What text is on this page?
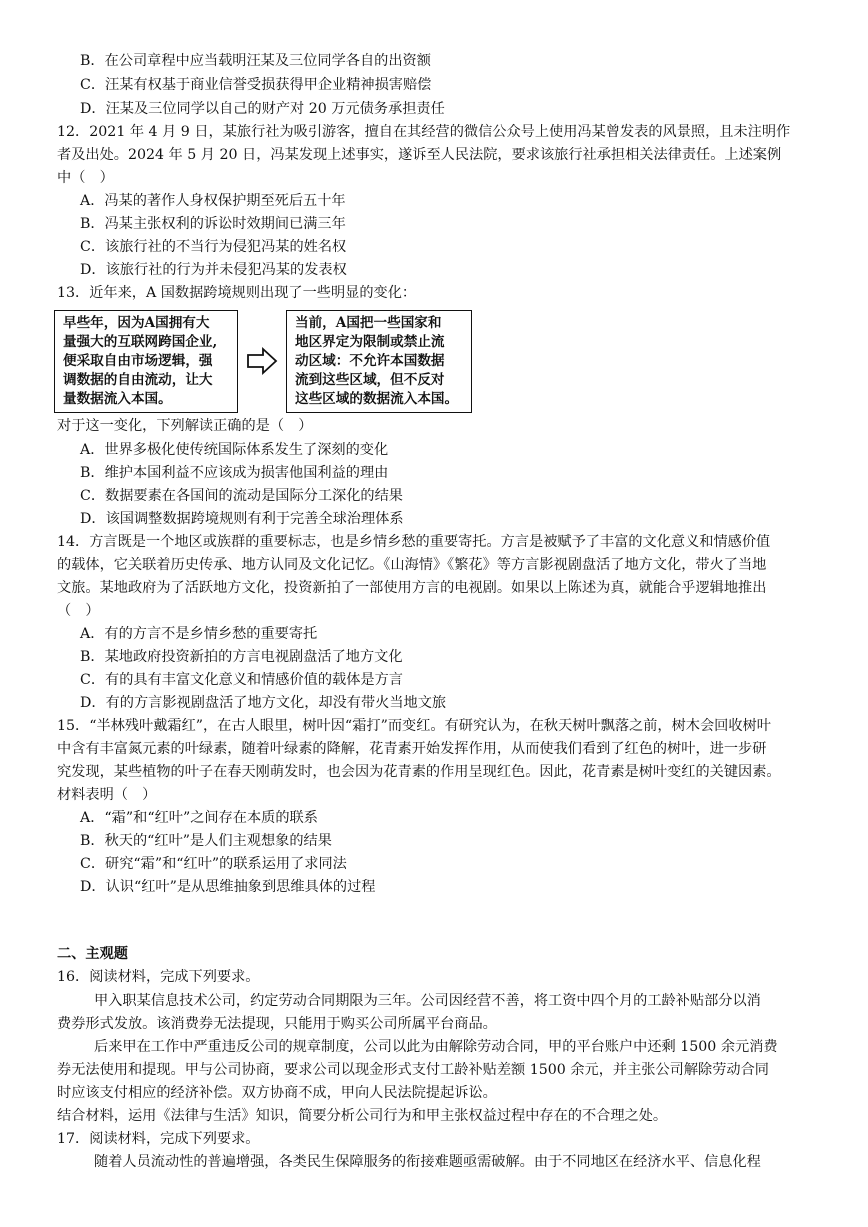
B．在公司章程中应当载明汪某及三位同学各自的出资额
C．汪某有权基于商业信誉受损获得甲企业精神损害赔偿
D．汪某及三位同学以自己的财产对 20 万元债务承担责任
12．2021 年 4 月 9 日，某旅行社为吸引游客，擅自在其经营的微信公众号上使用冯某曾发表的风景照，且未注明作
者及出处。2024 年 5 月 20 日，冯某发现上述事实，遂诉至人民法院，要求该旅行社承担相关法律责任。上述案例
中（　）
A．冯某的著作人身权保护期至死后五十年
B．冯某主张权利的诉讼时效期间已满三年
C．该旅行社的不当行为侵犯冯某的姓名权
D．该旅行社的行为并未侵犯冯某的发表权
13．近年来，A 国数据跨境规则出现了一些明显的变化：
早些年，因为A国拥有大
量强大的互联网跨国企业,
便采取自由市场逻辑，强
调数据的自由流动，让大
量数据流入本国。
当前，A国把一些国家和
地区界定为限制或禁止流
动区域：不允许本国数据
流到这些区域，但不反对
这些区域的数据流入本国。
对于这一变化，下列解读正确的是（　）
A．世界多极化使传统国际体系发生了深刻的变化
B．维护本国利益不应该成为损害他国利益的理由
C．数据要素在各国间的流动是国际分工深化的结果
D．该国调整数据跨境规则有利于完善全球治理体系
14．方言既是一个地区或族群的重要标志，也是乡情乡愁的重要寄托。方言是被赋予了丰富的文化意义和情感价值
的载体，它关联着历史传承、地方认同及文化记忆。《山海情》《繁花》等方言影视剧盘活了地方文化，带火了当地
文旅。某地政府为了活跃地方文化，投资新拍了一部使用方言的电视剧。如果以上陈述为真，就能合乎逻辑地推出
（　）
A．有的方言不是乡情乡愁的重要寄托
B．某地政府投资新拍的方言电视剧盘活了地方文化
C．有的具有丰富文化意义和情感价值的载体是方言
D．有的方言影视剧盘活了地方文化，却没有带火当地文旅
15．“半林残叶戴霜红”，在古人眼里，树叶因“霜打”而变红。有研究认为，在秋天树叶飘落之前，树木会回收树叶
中含有丰富氮元素的叶绿素，随着叶绿素的降解，花青素开始发挥作用，从而使我们看到了红色的树叶，进一步研
究发现，某些植物的叶子在春天刚萌发时，也会因为花青素的作用呈现红色。因此，花青素是树叶变红的关键因素。
材料表明（　）
A．“霜”和“红叶”之间存在本质的联系
B．秋天的“红叶”是人们主观想象的结果
C．研究“霜”和“红叶”的联系运用了求同法
D．认识“红叶”是从思维抽象到思维具体的过程
二、主观题
16．阅读材料，完成下列要求。
甲入职某信息技术公司，约定劳动合同期限为三年。公司因经营不善，将工资中四个月的工龄补贴部分以消
费券形式发放。该消费券无法提现，只能用于购买公司所属平台商品。
后来甲在工作中严重违反公司的规章制度，公司以此为由解除劳动合同，甲的平台账户中还剩 1500 余元消费
券无法使用和提现。甲与公司协商，要求公司以现金形式支付工龄补贴差额 1500 余元，并主张公司解除劳动合同
时应该支付相应的经济补偿。双方协商不成，甲向人民法院提起诉讼。
结合材料，运用《法律与生活》知识，简要分析公司行为和甲主张权益过程中存在的不合理之处。
17．阅读材料，完成下列要求。
随着人员流动性的普遍增强，各类民生保障服务的衔接难题亟需破解。由于不同地区在经济水平、信息化程
